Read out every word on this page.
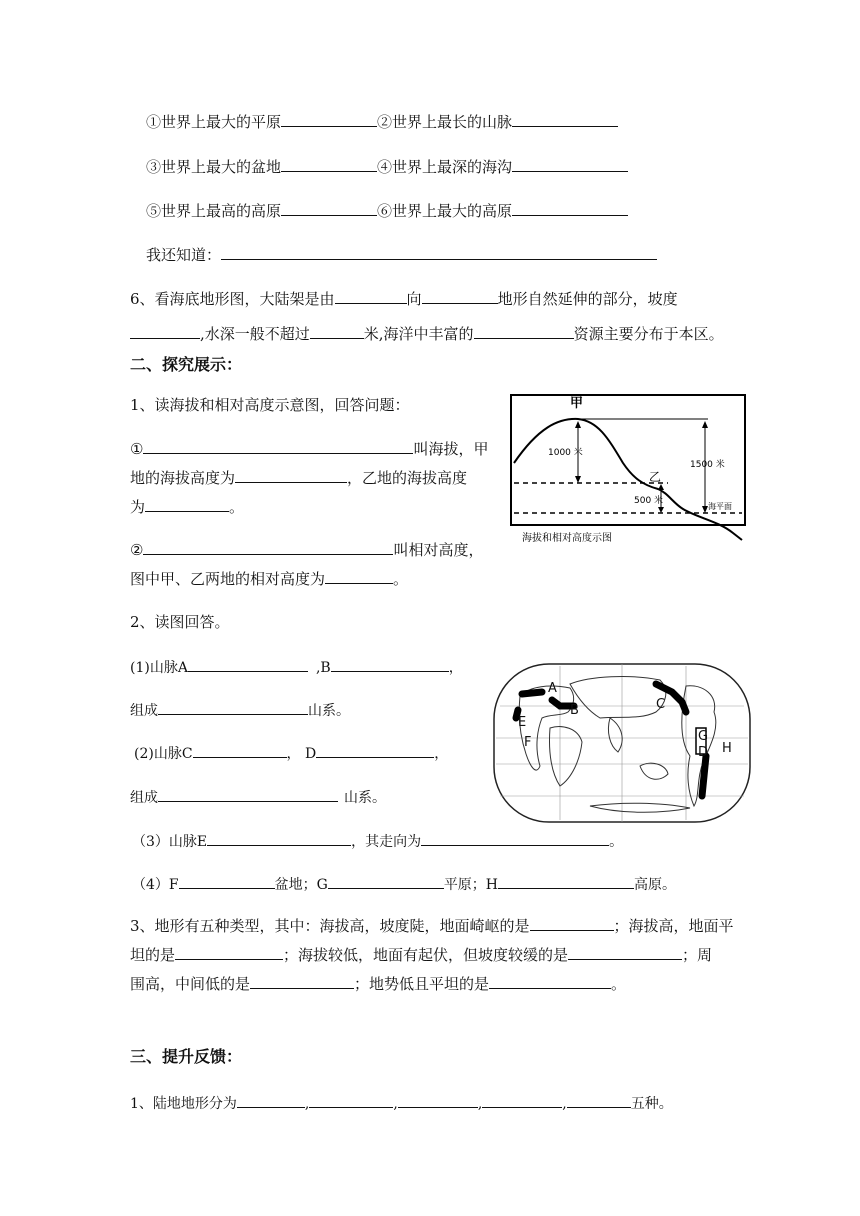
①世界上最大的平原	②世界上最长的山脉
③世界上最大的盆地	④世界上最深的海沟
⑤世界上最高的高原	⑥世界上最大的高原
我还知道：
6、看海底地形图，大陆架是由	向	地形自然延伸的部分，坡度
,水深一般不超过	米,海洋中丰富的	资源主要分布于本区。
二、探究展示：
1、读海拔和相对高度示意图，回答问题：
①	叫海拔，甲
地的海拔高度为	，乙地的海拔高度
为	。
②	叫相对高度，
图中甲、乙两地的相对高度为	。
甲
乙
1000 米
1500 米
500 米
海平面
海拔和相对高度示图
2、读图回答。
(1)山脉A	,B	，
组成	山系。
(2)山脉C	， D	，
组成	山系。
（3）山脉E	，其走向为	。
（4）F	盆地；G	平原；H	高原。
A
B	C
D
E
F	G
H
3、地形有五种类型，其中：海拔高，坡度陡，地面崎岖的是	；海拔高，地面平
坦的是	；海拔较低，地面有起伏，但坡度较缓的是	；周
围高，中间低的是	；地势低且平坦的是	。
三、提升反馈：
1、陆地地形分为	,	,	,	,	五种。
